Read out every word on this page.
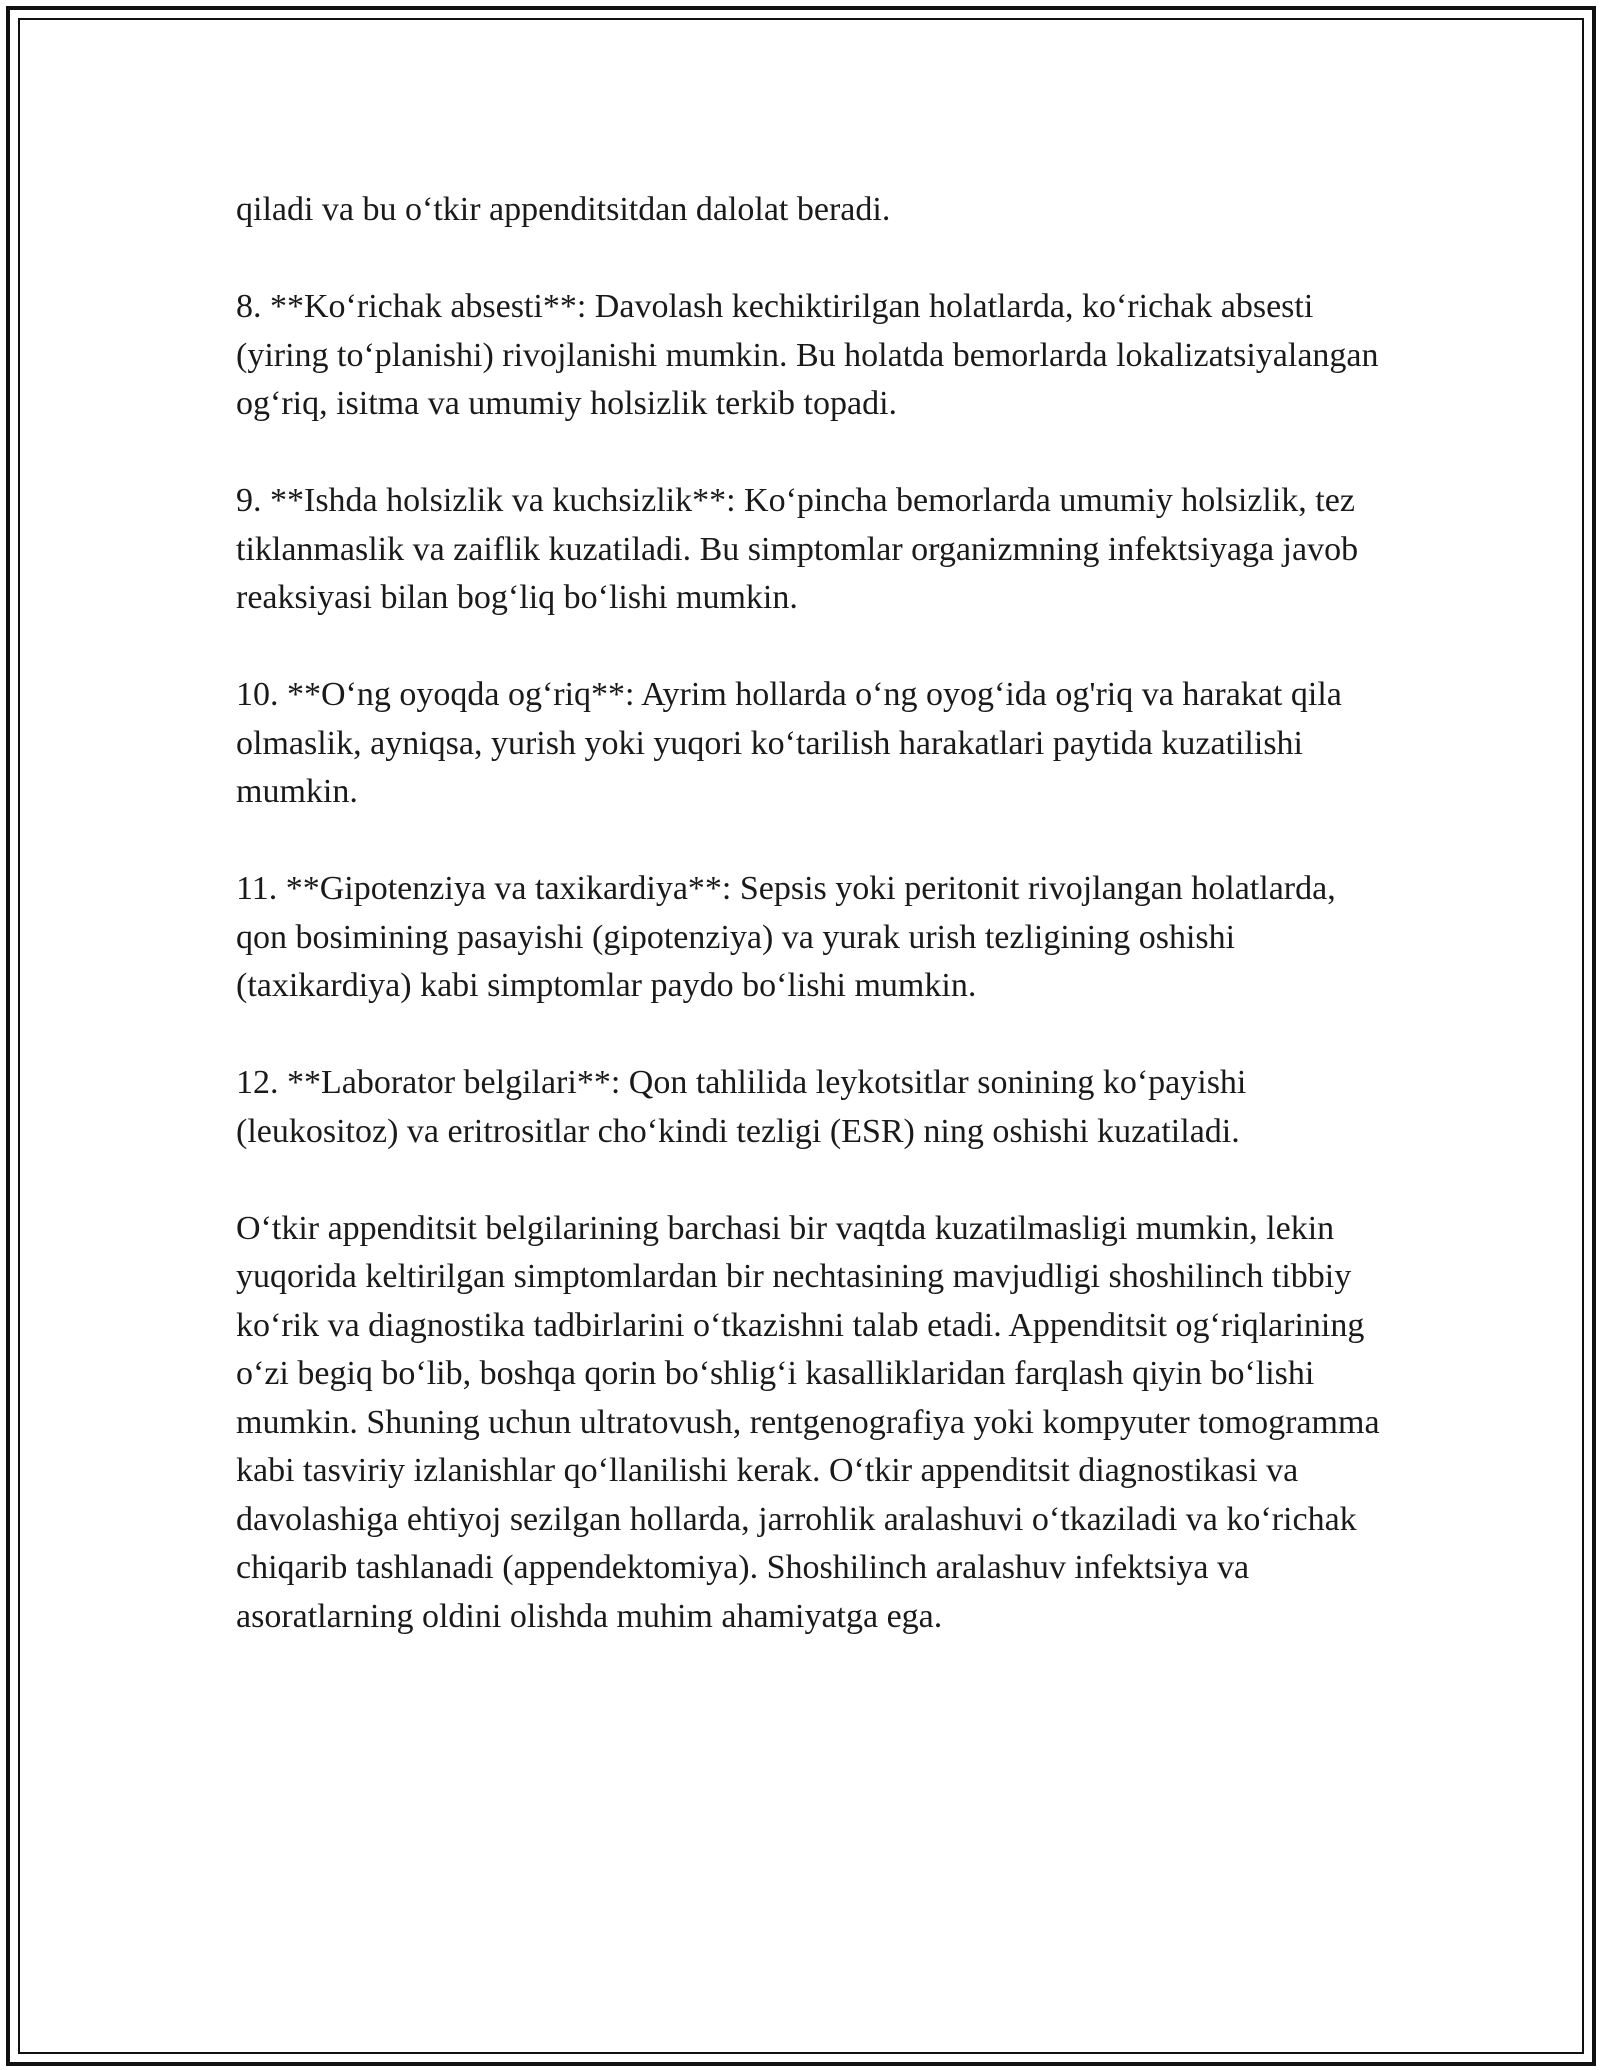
qiladi va bu o‘tkir appenditsitdan dalolat beradi.

8. **Ko‘richak absesti**: Davolash kechiktirilgan holatlarda, ko‘richak absesti (yiring to‘planishi) rivojlanishi mumkin. Bu holatda bemorlarda lokalizatsiyalangan og‘riq, isitma va umumiy holsizlik terkib topadi.

9. **Ishda holsizlik va kuchsizlik**: Ko‘pincha bemorlarda umumiy holsizlik, tez tiklanmaslik va zaiflik kuzatiladi. Bu simptomlar organizmning infektsiyaga javob reaksiyasi bilan bog‘liq bo‘lishi mumkin.

10. **O‘ng oyoqda og‘riq**: Ayrim hollarda o‘ng oyog‘ida og'riq va harakat qila olmaslik, ayniqsa, yurish yoki yuqori ko‘tarilish harakatlari paytida kuzatilishi mumkin.

11. **Gipotenziya va taxikardiya**: Sepsis yoki peritonit rivojlangan holatlarda, qon bosimining pasayishi (gipotenziya) va yurak urish tezligining oshishi (taxikardiya) kabi simptomlar paydo bo‘lishi mumkin.

12. **Laborator belgilari**: Qon tahlilida leykotsitlar sonining ko‘payishi (leukositoz) va eritrositlar cho‘kindi tezligi (ESR) ning oshishi kuzatiladi.

O‘tkir appenditsit belgilarining barchasi bir vaqtda kuzatilmasligi mumkin, lekin yuqorida keltirilgan simptomlardan bir nechtasining mavjudligi shoshilinch tibbiy ko‘rik va diagnostika tadbirlarini o‘tkazishni talab etadi. Appenditsit og‘riqlarining o‘zi begiq bo‘lib, boshqa qorin bo‘shlig‘i kasalliklaridan farqlash qiyin bo‘lishi mumkin. Shuning uchun ultratovush, rentgenografiya yoki kompyuter tomogramma kabi tasviriy izlanishlar qo‘llanilishi kerak. O‘tkir appenditsit diagnostikasi va davolashiga ehtiyoj sezilgan hollarda, jarrohlik aralashuvi o‘tkaziladi va ko‘richak chiqarib tashlanadi (appendektomiya). Shoshilinch aralashuv infektsiya va asoratlarning oldini olishda muhim ahamiyatga ega.
